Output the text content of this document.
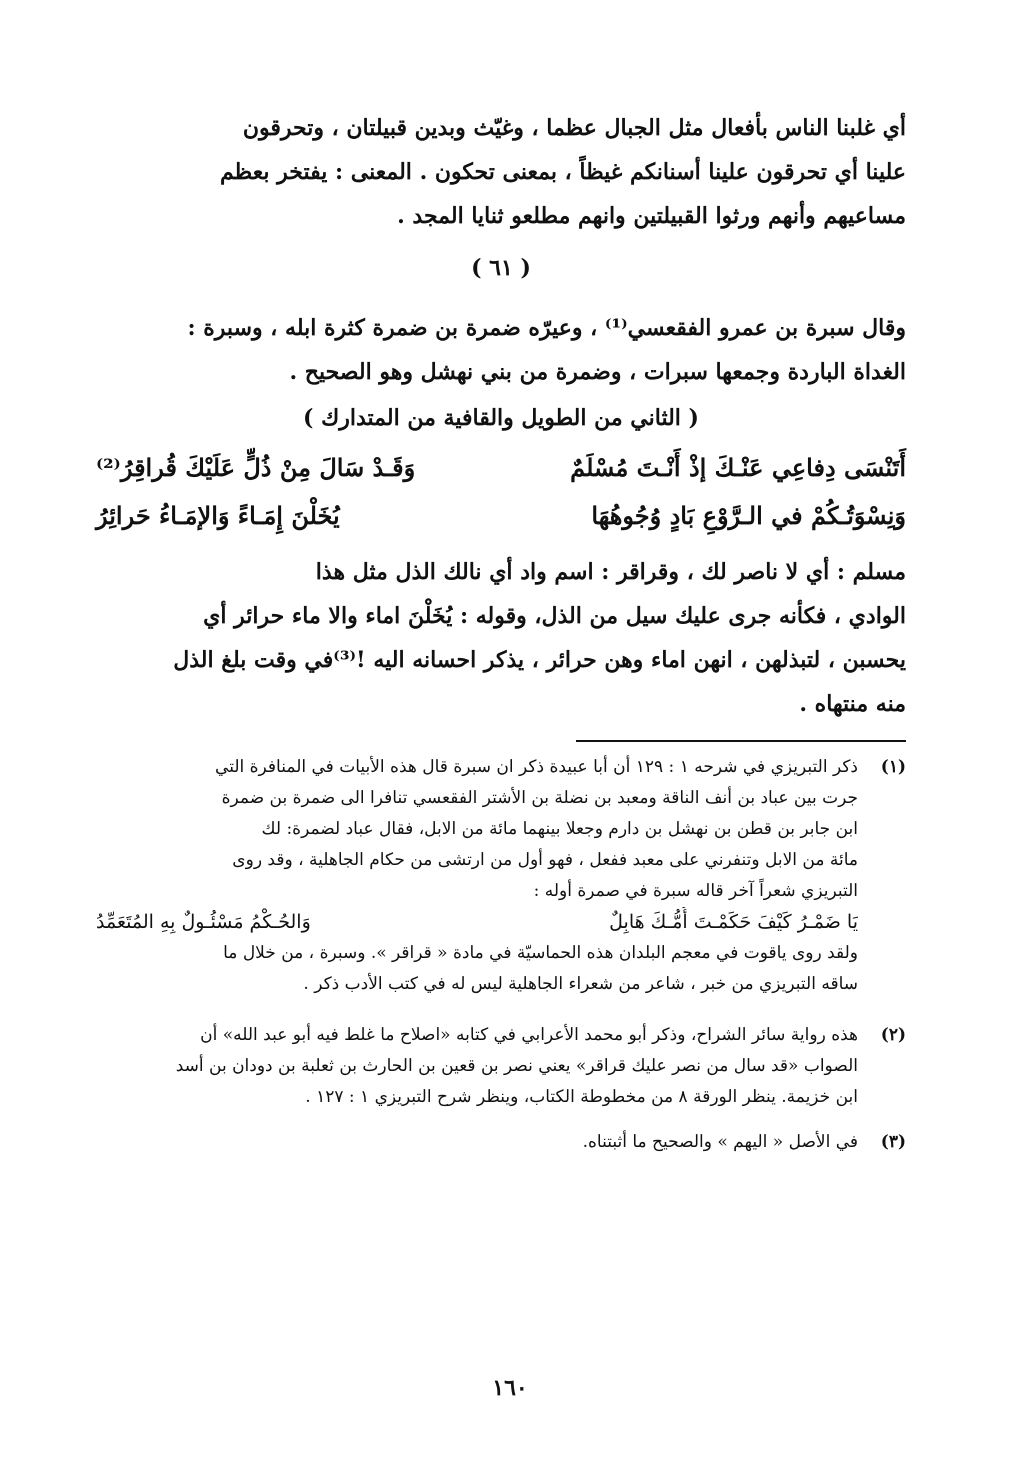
أي غلبنا الناس بأفعال مثل الجبال عظما ، وغيّث وبدين قبيلتان ، وتحرقون
علينا أي تحرقون علينا أسنانكم غيظاً ، بمعنى تحكون . المعنى : يفتخر بعظم
مساعيهم وأنهم ورثوا القبيلتين وانهم مطلعو ثنايا المجد .
( ٦١ )
وقال سبرة بن عمرو الفقعسي⁽¹⁾ ، وعيرّه ضمرة بن ضمرة كثرة ابله ، وسبرة :
الغداة الباردة وجمعها سبرات ، وضمرة من بني نهشل وهو الصحيح .
( الثاني من الطويل والقافية من المتدارك )
أَتَنْسَى دِفاعِي عَنْـكَ إذْ أَنْـتَ مُسْلَمٌ
وَقَـدْ سَالَ مِنْ ذُلٍّ عَلَيْكَ قُراقِرُ⁽²⁾
وَنِسْوَتُـكُمْ في الـرَّوْعِ بَادٍ وُجُوهُهَا
يُخَلْنَ إِمَـاءً وَالإمَـاءُ حَرائِرُ
مسلم : أي لا ناصر لك ، وقراقر : اسم واد أي نالك الذل مثل هذا
الوادي ، فكأنه جرى عليك سيل من الذل، وقوله : يُخَلْنَ اماء والا ماء حرائر أي
يحسبن ، لتبذلهن ، انهن اماء وهن حرائر ، يذكر احسانه اليه !⁽³⁾في وقت بلغ الذل
منه منتهاه .
(١)
ذكر التبريزي في شرحه ١ : ١٢٩ أن أبا عبيدة ذكر ان سبرة قال هذه الأبيات في المنافرة التي
جرت بين عباد بن أنف الناقة ومعبد بن نضلة بن الأشتر الفقعسي تنافرا الى ضمرة بن ضمرة
ابن جابر بن قطن بن نهشل بن دارم وجعلا بينهما مائة من الابل، فقال عباد لضمرة: لك
مائة من الابل وتنفرني على معبد ففعل ، فهو أول من ارتشى من حكام الجاهلية ، وقد روى
التبريزي شعراً آخر قاله سبرة في صمرة أوله :
يَا ضَمْـرُ كَيْفَ حَكَمْـتَ أُمُّـكَ هَابِلٌ
وَالحُـكْمُ مَسْئُـولٌ بِهِ المُتَعَمِّدُ
ولقد روى ياقوت في معجم البلدان هذه الحماسيّة في مادة « قراقر ». وسبرة ، من خلال ما
ساقه التبريزي من خبر ، شاعر من شعراء الجاهلية ليس له في كتب الأدب ذكر .
(٢)
هذه رواية سائر الشراح، وذكر أبو محمد الأعرابي في كتابه «اصلاح ما غلط فيه أبو عبد الله» أن
الصواب «قد سال من نصر عليك قراقر» يعني نصر بن قعين بن الحارث بن ثعلبة بن دودان بن أسد
ابن خزيمة. ينظر الورقة ٨ من مخطوطة الكتاب، وينظر شرح التبريزي ١ : ١٢٧ .
(٣)
في الأصل « اليهم » والصحيح ما أثبتناه.
١٦٠
